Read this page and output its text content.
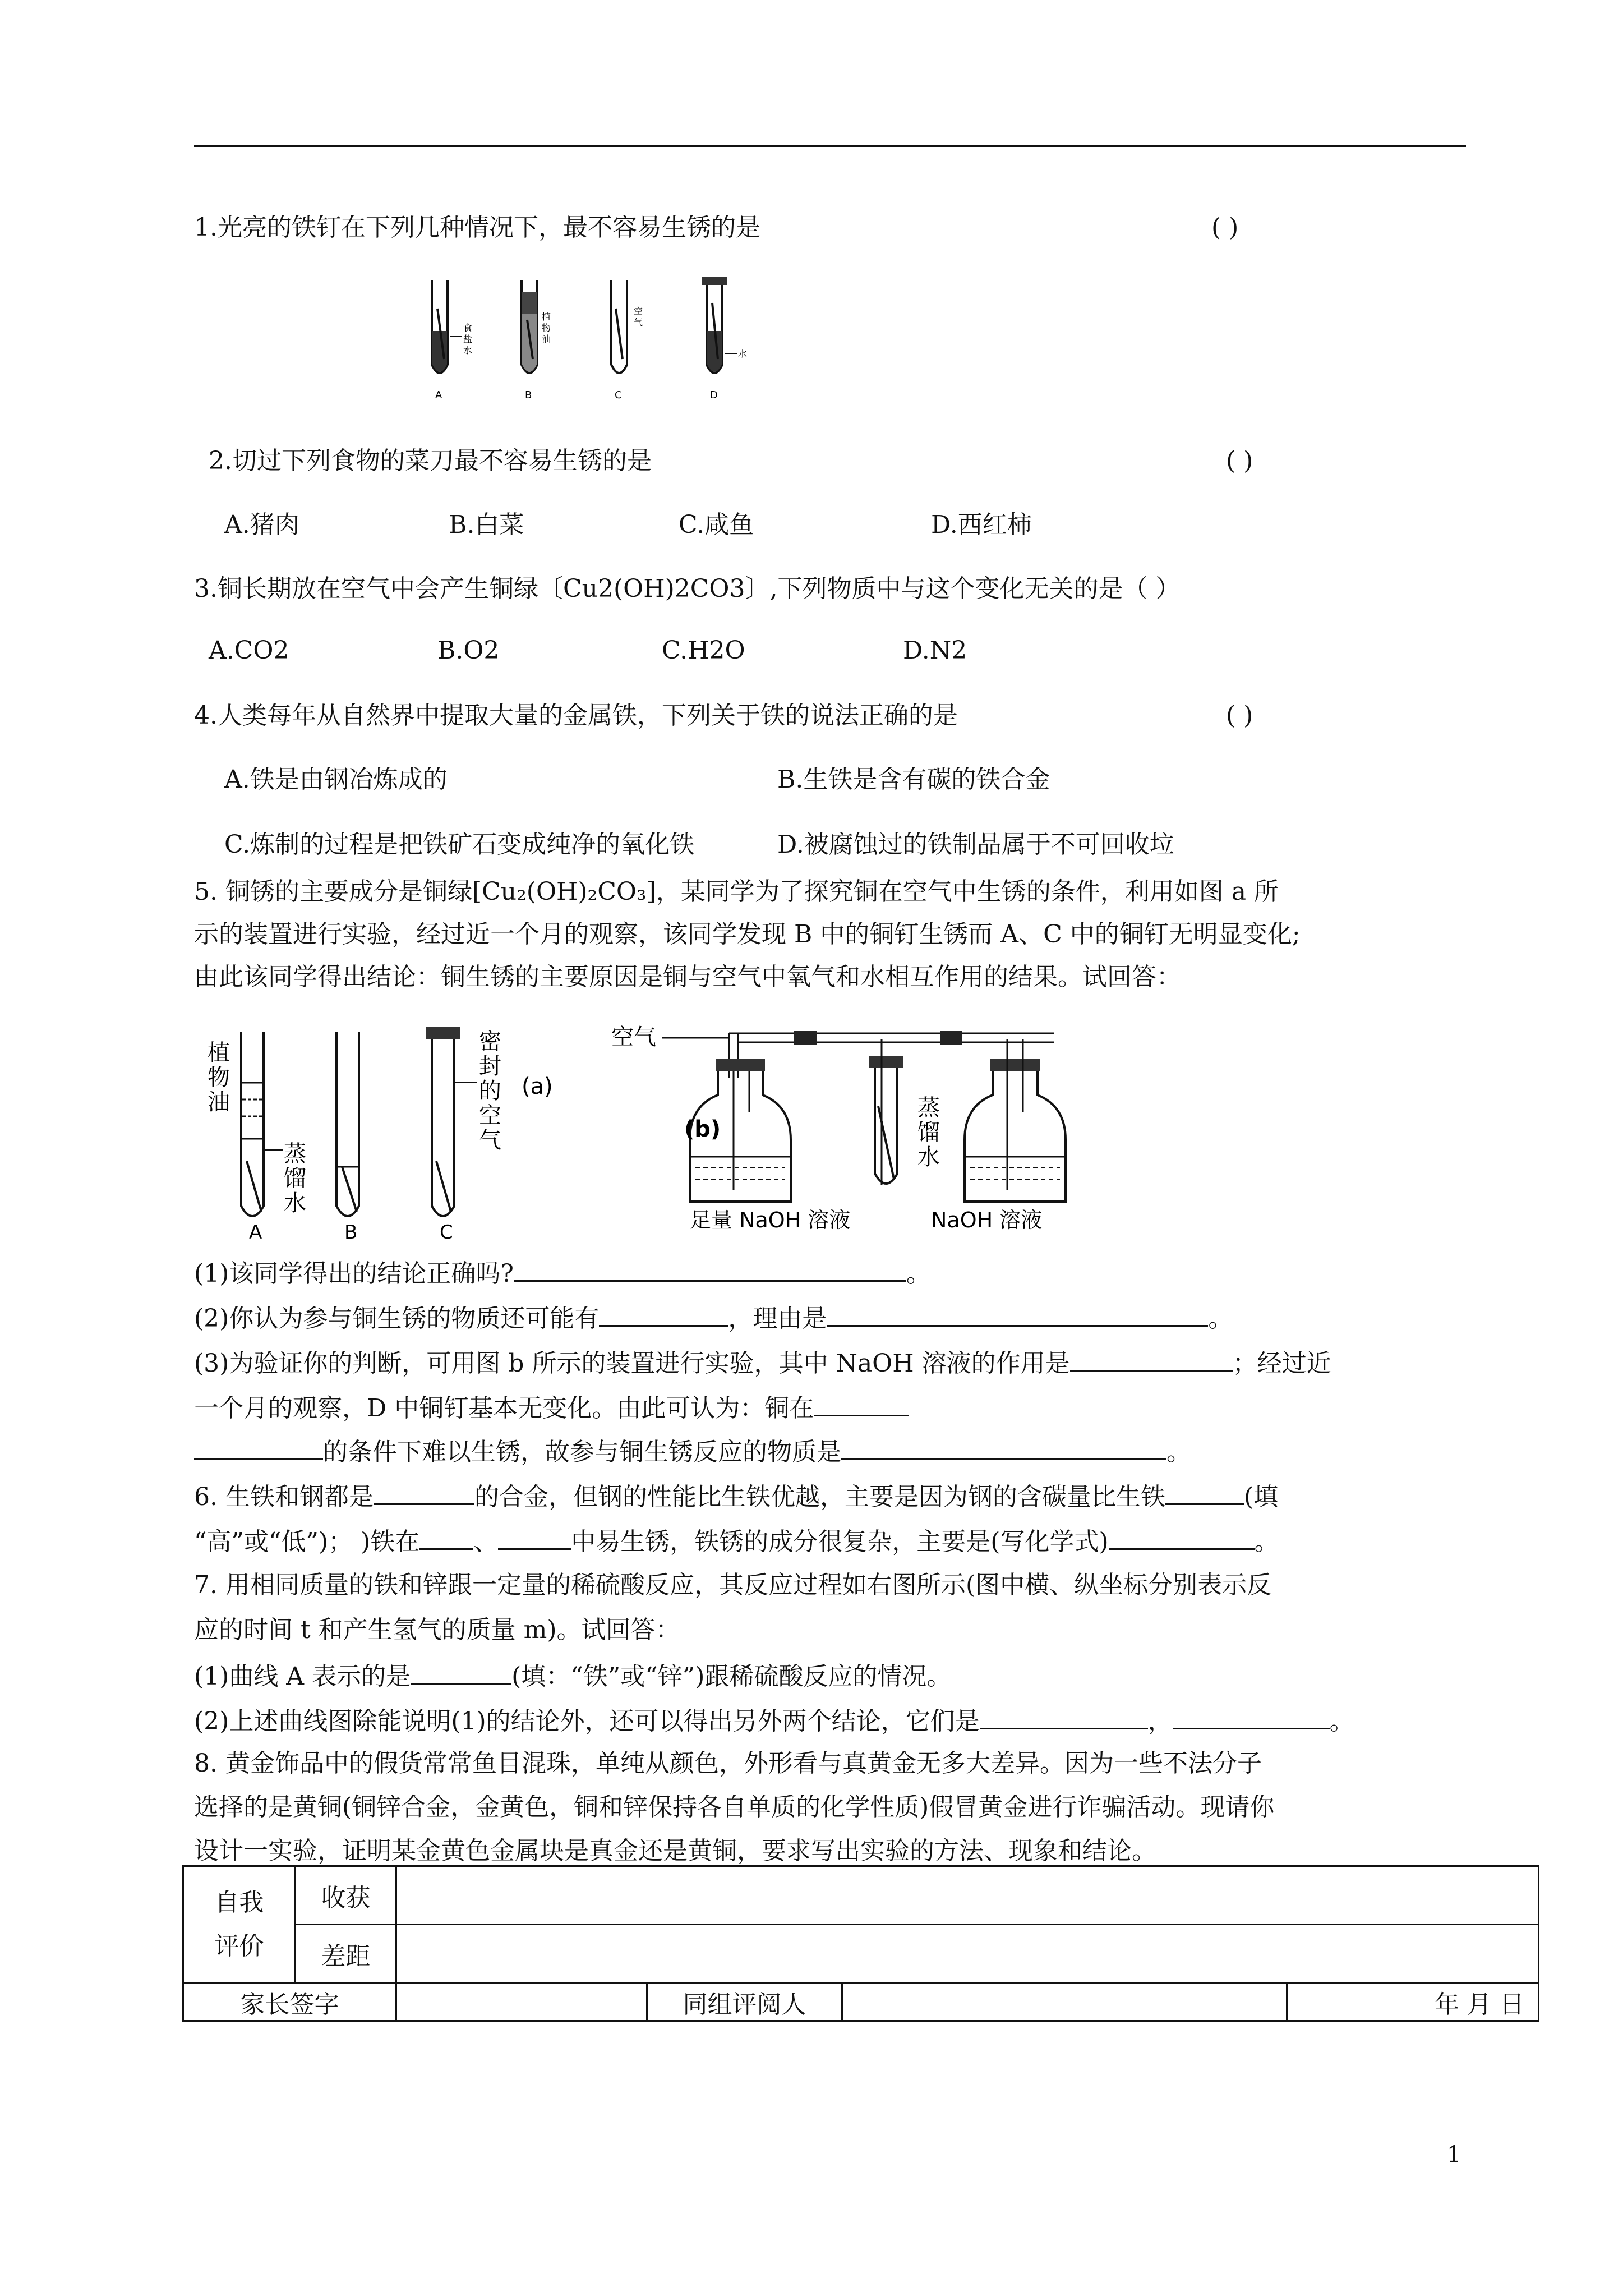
1.光亮的铁钉在下列几种情况下，最不容易生锈的是	( )
食
盐
水
A
植
物
油
B
空
气
C
水
D
2.切过下列食物的菜刀最不容易生锈的是	( )
A.猪肉	B.白菜	C.咸鱼	D.西红柿
3.铜长期放在空气中会产生铜绿〔Cu2(OH)2CO3〕,下列物质中与这个变化无关的是（ ）
A.CO2	B.O2	C.H2O	D.N2
4.人类每年从自然界中提取大量的金属铁，下列关于铁的说法正确的是	( )
A.铁是由钢冶炼成的	B.生铁是含有碳的铁合金
C.炼制的过程是把铁矿石变成纯净的氧化铁	D.被腐蚀过的铁制品属于不可回收垃
5. 铜锈的主要成分是铜绿[Cu₂(OH)₂CO₃]，某同学为了探究铜在空气中生锈的条件，利用如图 a 所
示的装置进行实验，经过近一个月的观察，该同学发现 B 中的铜钉生锈而 A、C 中的铜钉无明显变化;
由此该同学得出结论：铜生锈的主要原因是铜与空气中氧气和水相互作用的结果。试回答：
植
物
油
蒸
馏
水
密
封
的
空
气
(a)
A	B	C
空气
蒸
馏
水
(b)
足量 NaOH 溶液	NaOH 溶液
(1)该同学得出的结论正确吗?	。
(2)你认为参与铜生锈的物质还可能有	，理由是	。
(3)为验证你的判断，可用图 b 所示的装置进行实验，其中 NaOH 溶液的作用是	；经过近
一个月的观察，D 中铜钉基本无变化。由此可认为：铜在
的条件下难以生锈，故参与铜生锈反应的物质是	。
6. 生铁和钢都是	的合金，但钢的性能比生铁优越，主要是因为钢的含碳量比生铁	(填
“高”或“低”)； )铁在 、	中易生锈，铁锈的成分很复杂，主要是(写化学式)	。
7. 用相同质量的铁和锌跟一定量的稀硫酸反应，其反应过程如右图所示(图中横、纵坐标分别表示反
应的时间 t 和产生氢气的质量 m)。试回答：
(1)曲线 A 表示的是	(填：“铁”或“锌”)跟稀硫酸反应的情况。
(2)上述曲线图除能说明(1)的结论外，还可以得出另外两个结论，它们是	，	。
8. 黄金饰品中的假货常常鱼目混珠，单纯从颜色，外形看与真黄金无多大差异。因为一些不法分子
选择的是黄铜(铜锌合金，金黄色，铜和锌保持各自单质的化学性质)假冒黄金进行诈骗活动。现请你
设计一实验，证明某金黄色金属块是真金还是黄铜，要求写出实验的方法、现象和结论。
自我
评价	收获				
	差距				
家长签字			同组评阅人		年 月 日
1
